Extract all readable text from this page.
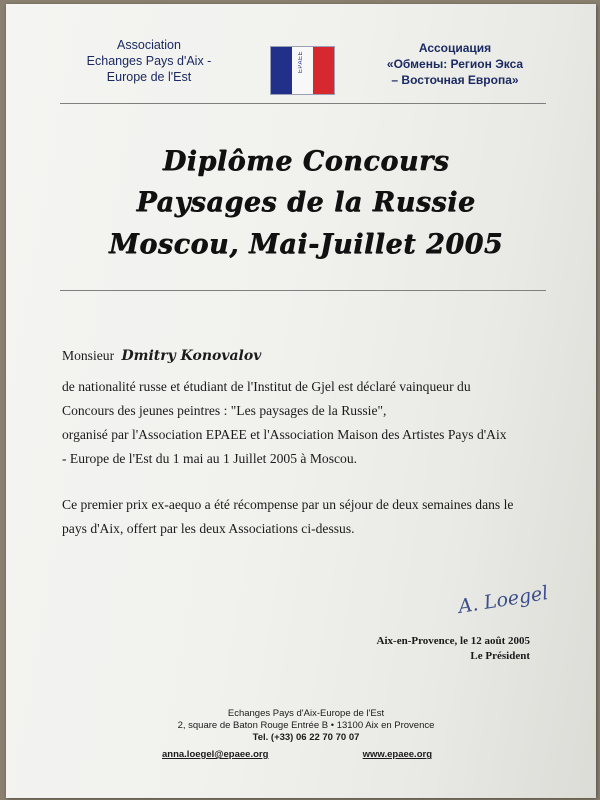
Association
Echanges Pays d'Aix -
Europe de l'Est
EPAEE
Ассоциация
«Обмены: Регион Экса
– Восточная Европа»
Diplôme Concours
Paysages de la Russie
Moscou, Mai-Juillet 2005

Monsieur Dmitry Konovalov

de nationalité russe et étudiant de l'Institut de Gjel est déclaré vainqueur du

Concours des jeunes peintres : "Les paysages de la Russie",

organisé par l'Association EPAEE et l'Association Maison des Artistes Pays d'Aix

- Europe de l'Est du 1 mai au 1 Juillet 2005 à Moscou.

Ce premier prix ex-aequo a été récompense par un séjour de deux semaines dans le

pays d'Aix, offert par les deux Associations ci-dessus.

A. Loegel
Aix-en-Provence, le 12 août 2005
Le Président
Echanges Pays d'Aix-Europe de l'Est
2, square de Baton Rouge Entrée B • 13100 Aix en Provence
Tel. (+33) 06 22 70 70 07
anna.loegel@epaee.org	www.epaee.org
